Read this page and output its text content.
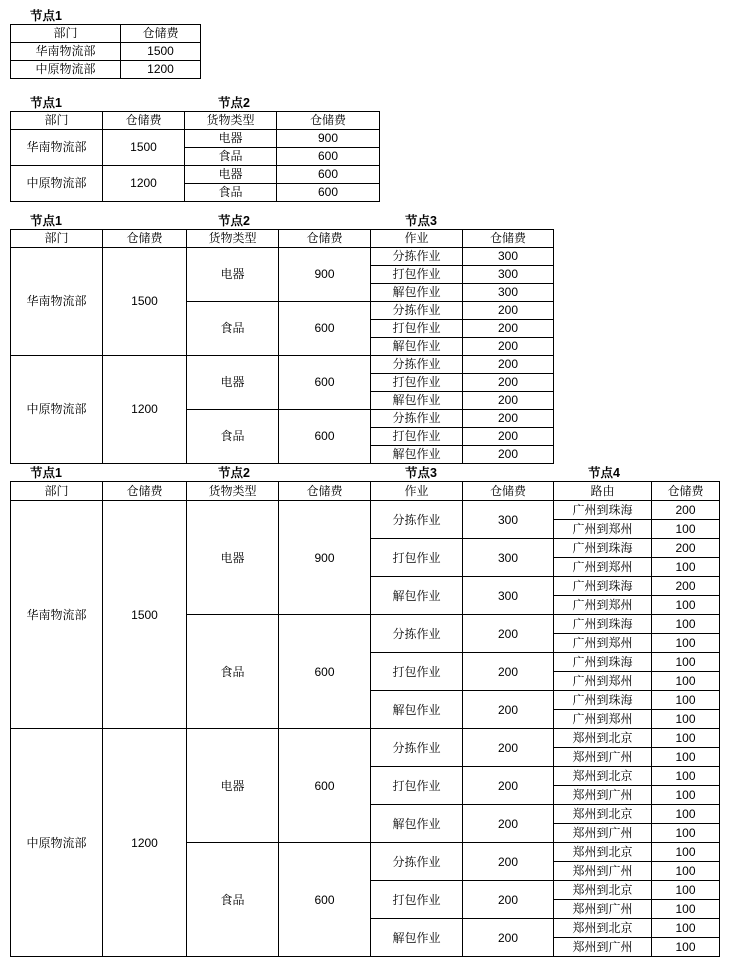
节点1
部门	仓储费
华南物流部	1500
中原物流部	1200
节点1	节点2
部门	仓储费	货物类型	仓储费
华南物流部	1500	电器	900
		食品	600
中原物流部	1200	电器	600
		食品	600
节点1	节点2	节点3
部门	仓储费	货物类型	仓储费	作业	仓储费
华南物流部	1500	电器	900	分拣作业	300
				打包作业	300
				解包作业	300
		食品	600	分拣作业	200
				打包作业	200
				解包作业	200
中原物流部	1200	电器	600	分拣作业	200
				打包作业	200
				解包作业	200
		食品	600	分拣作业	200
				打包作业	200
				解包作业	200
节点1	节点2	节点3	节点4
部门	仓储费	货物类型	仓储费	作业	仓储费	路由	仓储费
华南物流部	1500	电器	900	分拣作业	300	广州到珠海	200
						广州到郑州	100
				打包作业	300	广州到珠海	200
						广州到郑州	100
				解包作业	300	广州到珠海	200
						广州到郑州	100
		食品	600	分拣作业	200	广州到珠海	100
						广州到郑州	100
				打包作业	200	广州到珠海	100
						广州到郑州	100
				解包作业	200	广州到珠海	100
						广州到郑州	100
中原物流部	1200	电器	600	分拣作业	200	郑州到北京	100
						郑州到广州	100
				打包作业	200	郑州到北京	100
						郑州到广州	100
				解包作业	200	郑州到北京	100
						郑州到广州	100
		食品	600	分拣作业	200	郑州到北京	100
						郑州到广州	100
				打包作业	200	郑州到北京	100
						郑州到广州	100
				解包作业	200	郑州到北京	100
						郑州到广州	100
